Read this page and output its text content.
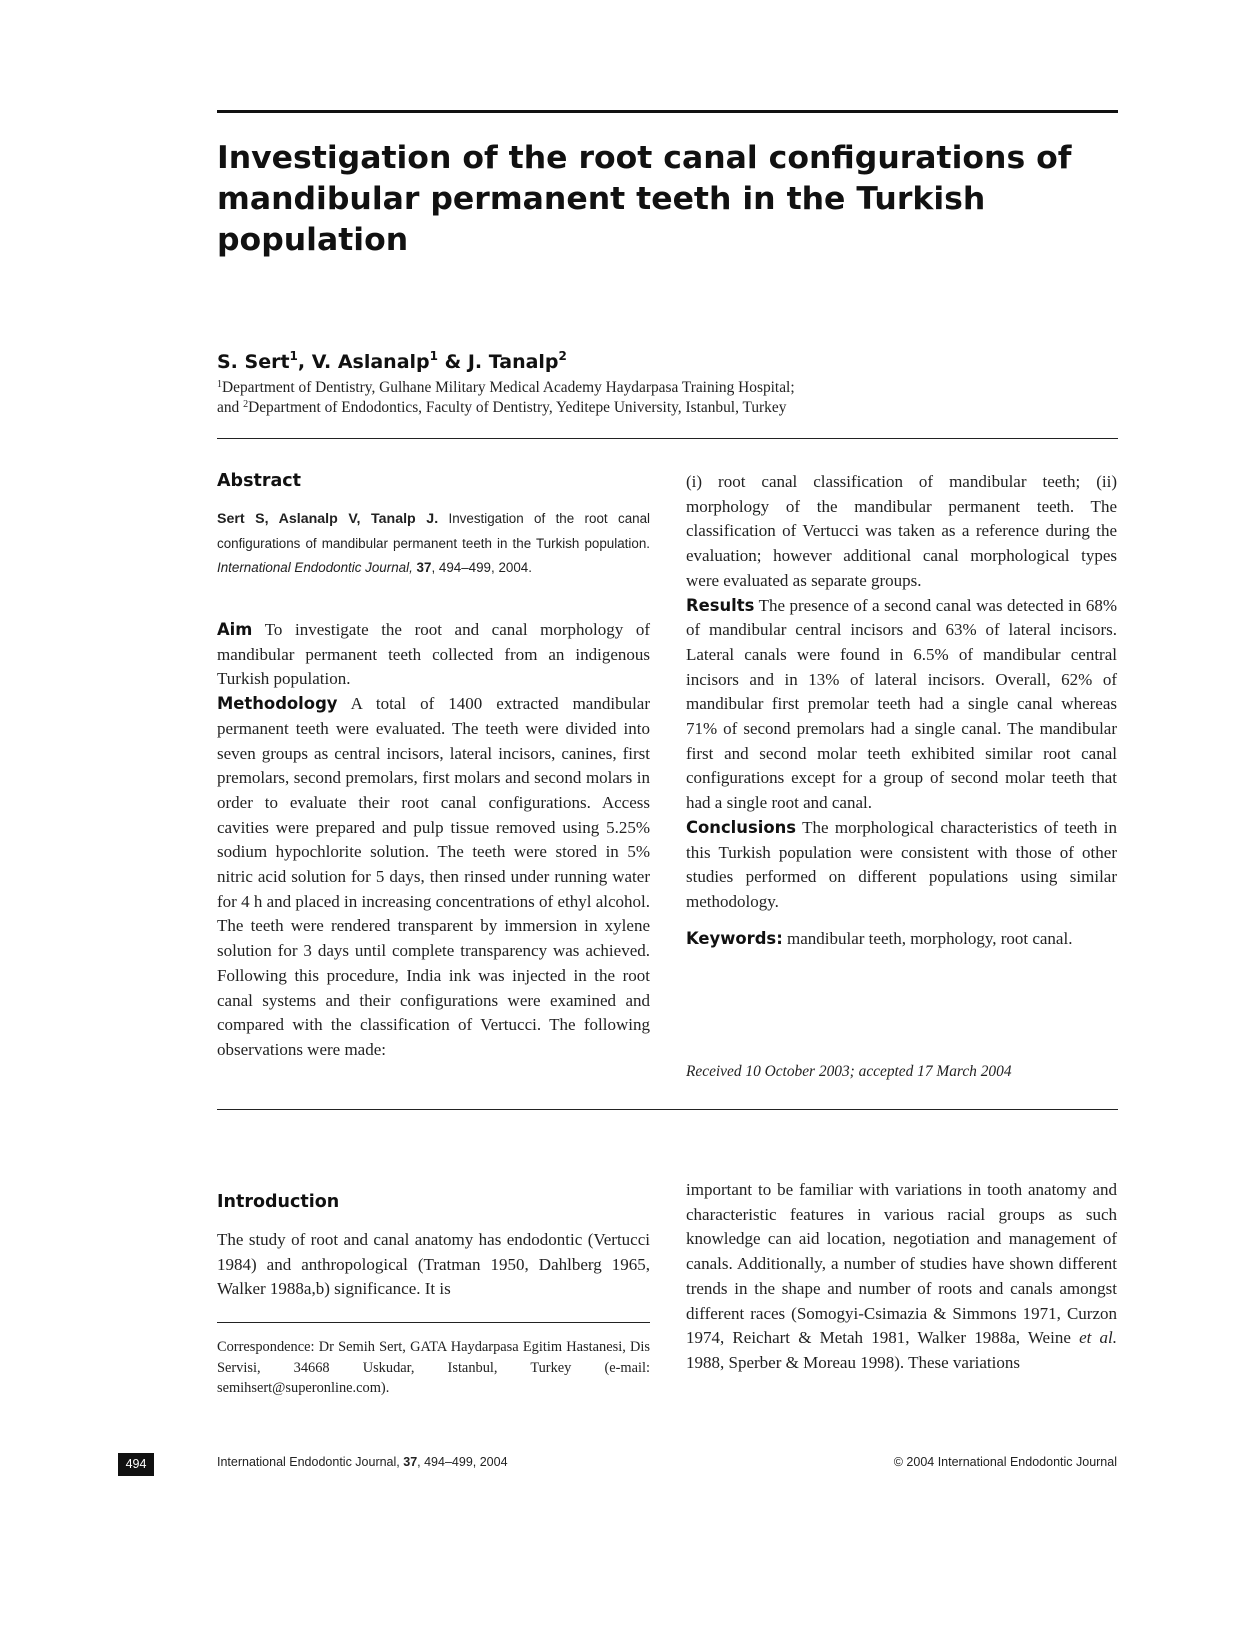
Investigation of the root canal configurations of mandibular permanent teeth in the Turkish population
S. Sert$^1$, V. Aslanalp$^1$ & J. Tanalp$^2$
$^1$Department of Dentistry, Gulhane Military Medical Academy Haydarpasa Training Hospital;
and $^2$Department of Endodontics, Faculty of Dentistry, Yeditepe University, Istanbul, Turkey
Abstract
Sert S, Aslanalp V, Tanalp J. Investigation of the root canal configurations of mandibular permanent teeth in the Turkish population. International Endodontic Journal, 37, 494–499, 2004.

Aim To investigate the root and canal morphology of mandibular permanent teeth collected from an indigenous Turkish population.

Methodology A total of 1400 extracted mandibular permanent teeth were evaluated. The teeth were divided into seven groups as central incisors, lateral incisors, canines, first premolars, second premolars, first molars and second molars in order to evaluate their root canal configurations. Access cavities were prepared and pulp tissue removed using 5.25% sodium hypochlorite solution. The teeth were stored in 5% nitric acid solution for 5 days, then rinsed under running water for 4 h and placed in increasing concentrations of ethyl alcohol. The teeth were rendered transparent by immersion in xylene solution for 3 days until complete transparency was achieved. Following this procedure, India ink was injected in the root canal systems and their configurations were examined and compared with the classification of Vertucci. The following observations were made:

(i) root canal classification of mandibular teeth; (ii) morphology of the mandibular permanent teeth. The classification of Vertucci was taken as a reference during the evaluation; however additional canal morphological types were evaluated as separate groups.

Results The presence of a second canal was detected in 68% of mandibular central incisors and 63% of lateral incisors. Lateral canals were found in 6.5% of mandibular central incisors and in 13% of lateral incisors. Overall, 62% of mandibular first premolar teeth had a single canal whereas 71% of second premolars had a single canal. The mandibular first and second molar teeth exhibited similar root canal configurations except for a group of second molar teeth that had a single root and canal.

Conclusions The morphological characteristics of teeth in this Turkish population were consistent with those of other studies performed on different populations using similar methodology.

Keywords: mandibular teeth, morphology, root canal.

Received 10 October 2003; accepted 17 March 2004
Introduction

The study of root and canal anatomy has endodontic (Vertucci 1984) and anthropological (Tratman 1950, Dahlberg 1965, Walker 1988a,b) significance. It is

Correspondence: Dr Semih Sert, GATA Haydarpasa Egitim Hastanesi, Dis Servisi, 34668 Uskudar, Istanbul, Turkey (e-mail: semihsert@superonline.com).

important to be familiar with variations in tooth anatomy and characteristic features in various racial groups as such knowledge can aid location, negotiation and management of canals. Additionally, a number of studies have shown different trends in the shape and number of roots and canals amongst different races (Somogyi-Csimazia & Simmons 1971, Curzon 1974, Reichart & Metah 1981, Walker 1988a, Weine et al. 1988, Sperber & Moreau 1998). These variations

494	International Endodontic Journal, 37, 494–499, 2004	© 2004 International Endodontic Journal
